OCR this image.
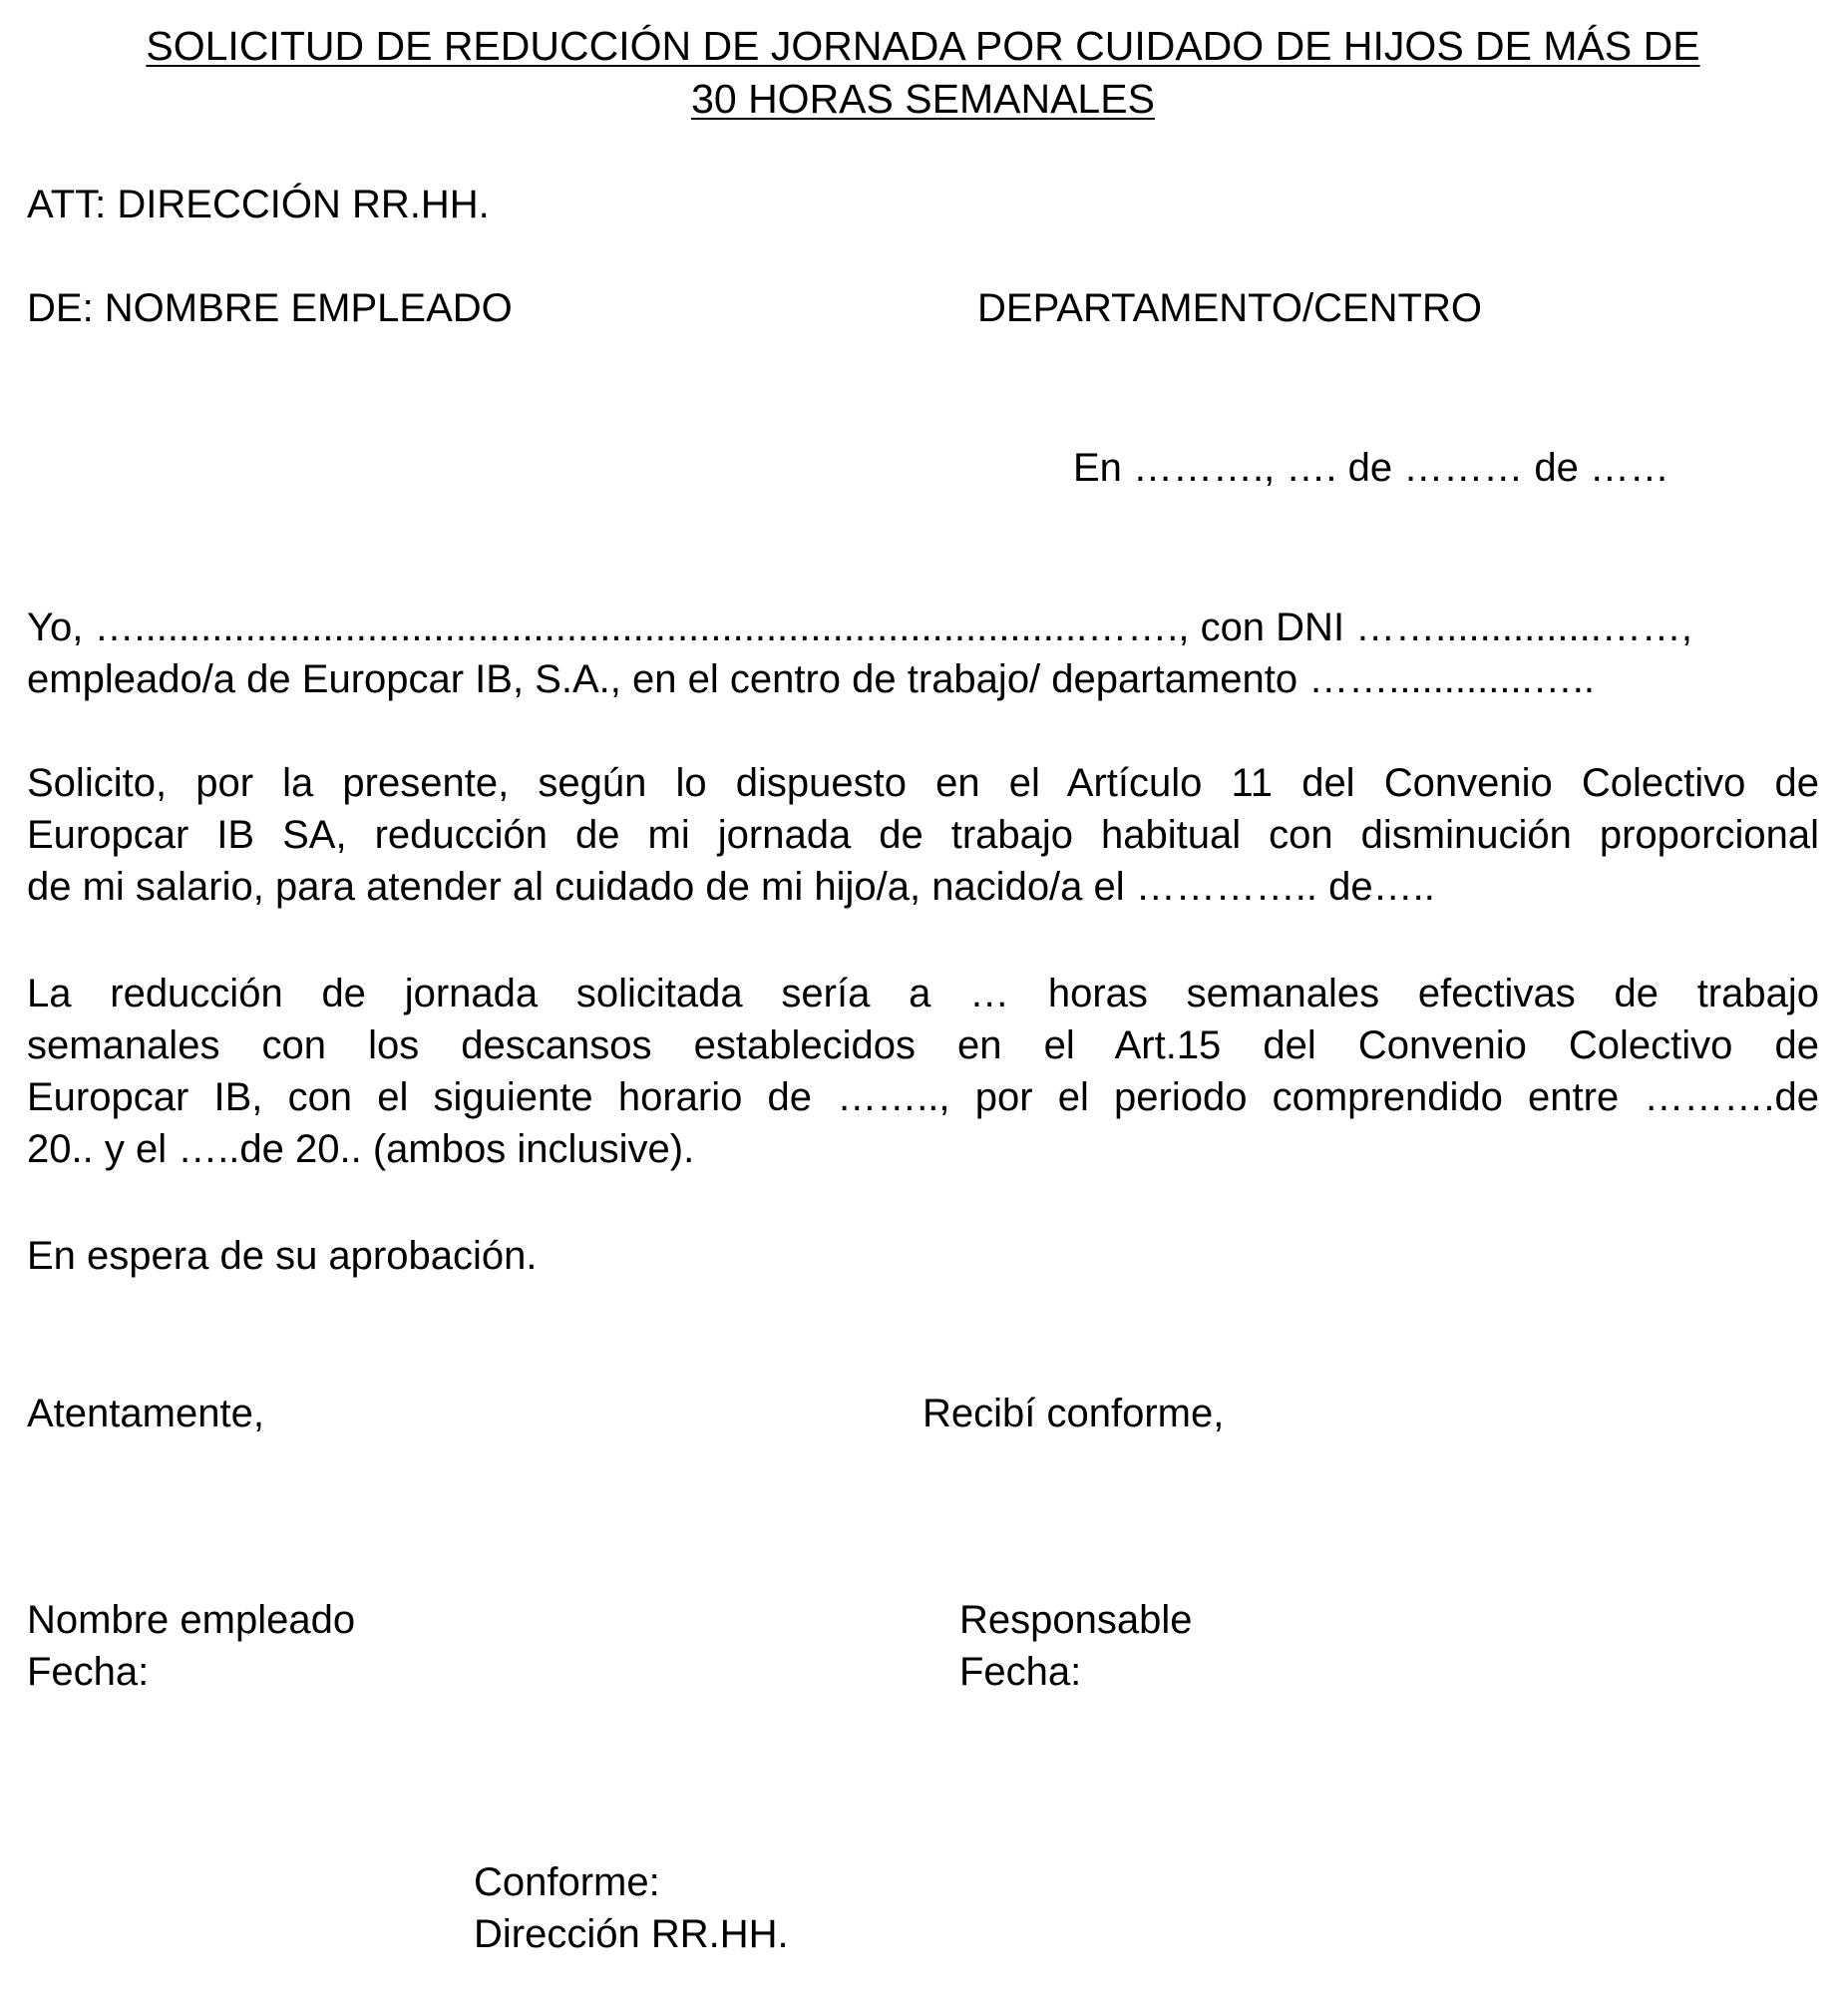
SOLICITUD DE REDUCCIÓN DE JORNADA POR CUIDADO DE HIJOS DE MÁS DE
30 HORAS SEMANALES
ATT: DIRECCIÓN RR.HH.
DE: NOMBRE EMPLEADO	DEPARTAMENTO/CENTRO
En ………., …. de ……… de ……
Yo, …......................................................................................……., con DNI ……...............……,
empleado/a de Europcar IB, S.A., en el centro de trabajo/ departamento …….............…..
Solicito, por la presente, según lo dispuesto en el Artículo 11 del Convenio Colectivo de
Europcar IB SA, reducción de mi jornada de trabajo habitual con disminución proporcional
de mi salario, para atender al cuidado de mi hijo/a, nacido/a el ………….. de…..
La reducción de jornada solicitada sería a … horas semanales efectivas de trabajo
semanales con los descansos establecidos en el Art.15 del Convenio Colectivo de
Europcar IB, con el siguiente horario de …….., por el periodo comprendido entre ……….de
20.. y el …..de 20.. (ambos inclusive).
En espera de su aprobación.
Atentamente,	Recibí conforme,
Nombre empleado
Fecha:
Responsable
Fecha:
Conforme:
Dirección RR.HH.
